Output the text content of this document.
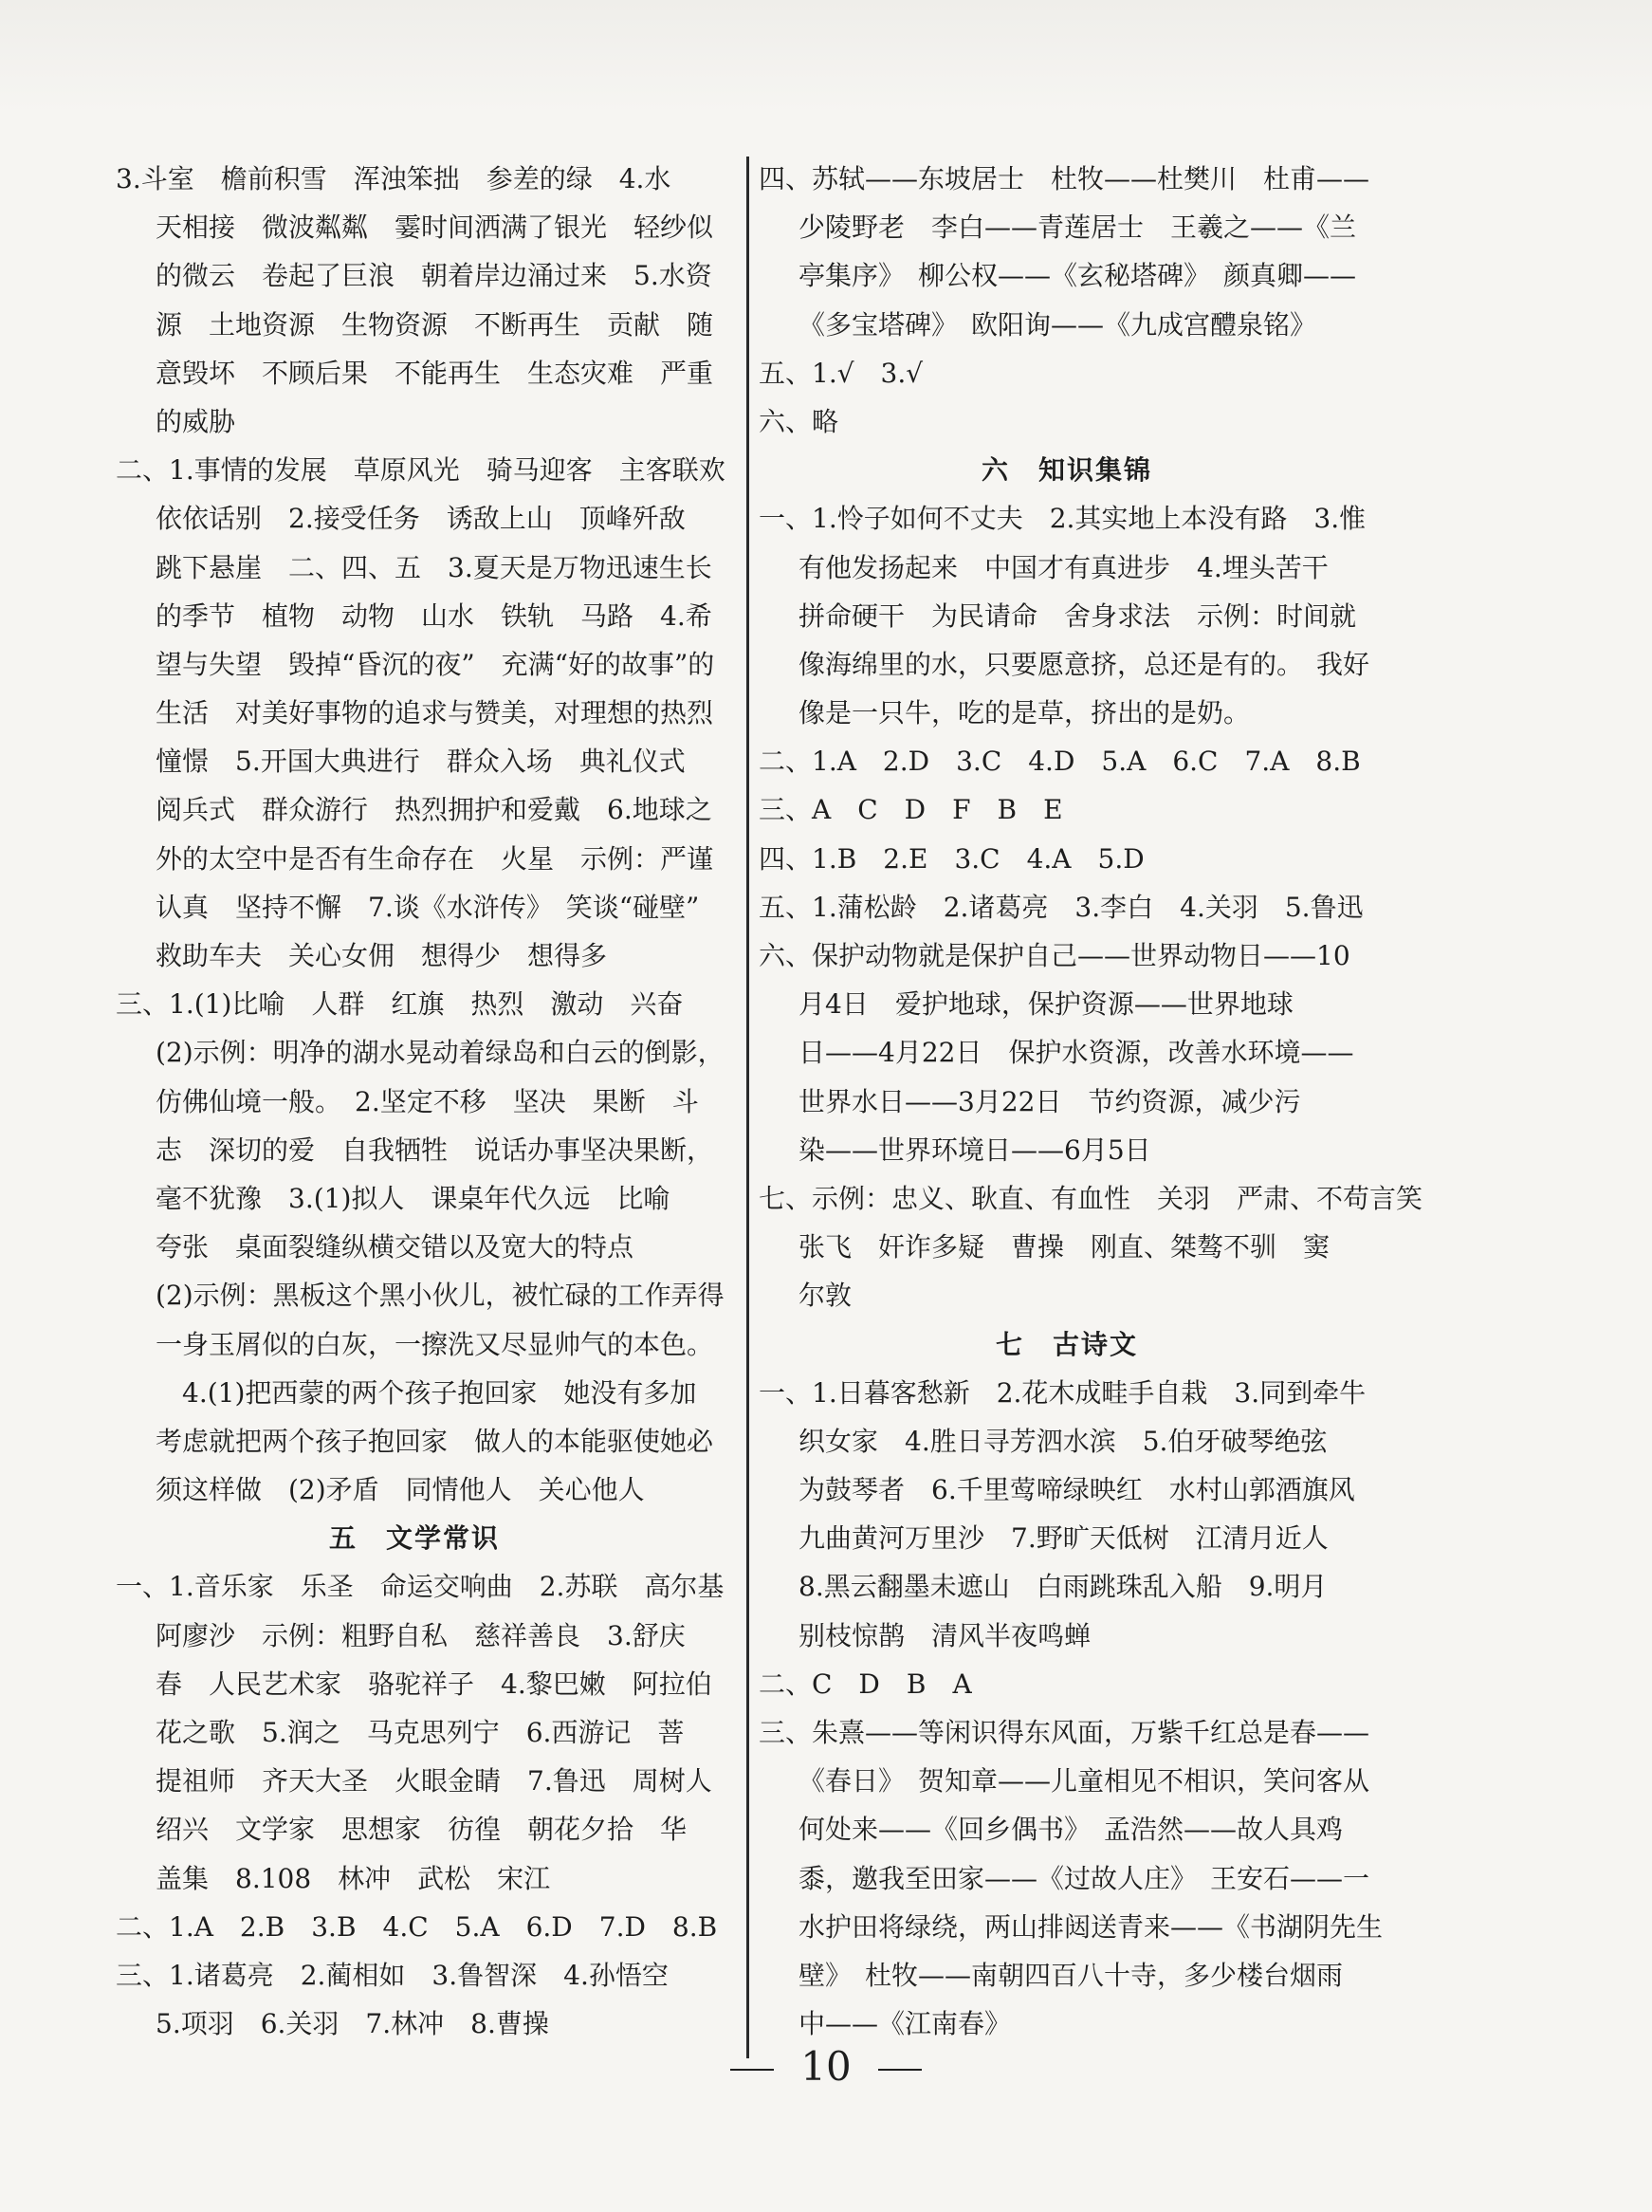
3.斗室　檐前积雪　浑浊笨拙　参差的绿　4.水
天相接　微波粼粼　霎时间洒满了银光　轻纱似
的微云　卷起了巨浪　朝着岸边涌过来　5.水资
源　土地资源　生物资源　不断再生　贡献　随
意毁坏　不顾后果　不能再生　生态灾难　严重
的威胁
二、1.事情的发展　草原风光　骑马迎客　主客联欢
依依话别　2.接受任务　诱敌上山　顶峰歼敌
跳下悬崖　二、四、五　3.夏天是万物迅速生长
的季节　植物　动物　山水　铁轨　马路　4.希
望与失望　毁掉“昏沉的夜”　充满“好的故事”的
生活　对美好事物的追求与赞美，对理想的热烈
憧憬　5.开国大典进行　群众入场　典礼仪式
阅兵式　群众游行　热烈拥护和爱戴　6.地球之
外的太空中是否有生命存在　火星　示例：严谨
认真　坚持不懈　7.谈《水浒传》　笑谈“碰壁”
救助车夫　关心女佣　想得少　想得多
三、1.(1)比喻　人群　红旗　热烈　激动　兴奋
(2)示例：明净的湖水晃动着绿岛和白云的倒影，
仿佛仙境一般。　2.坚定不移　坚决　果断　斗
志　深切的爱　自我牺牲　说话办事坚决果断，
毫不犹豫　3.(1)拟人　课桌年代久远　比喻
夸张　桌面裂缝纵横交错以及宽大的特点
(2)示例：黑板这个黑小伙儿，被忙碌的工作弄得
一身玉屑似的白灰，一擦洗又尽显帅气的本色。
　4.(1)把西蒙的两个孩子抱回家　她没有多加
考虑就把两个孩子抱回家　做人的本能驱使她必
须这样做　(2)矛盾　同情他人　关心他人
五　文学常识
一、1.音乐家　乐圣　命运交响曲　2.苏联　高尔基
阿廖沙　示例：粗野自私　慈祥善良　3.舒庆
春　人民艺术家　骆驼祥子　4.黎巴嫩　阿拉伯
花之歌　5.润之　马克思列宁　6.西游记　菩
提祖师　齐天大圣　火眼金睛　7.鲁迅　周树人
绍兴　文学家　思想家　彷徨　朝花夕拾　华
盖集　8.108　林冲　武松　宋江
二、1.A　2.B　3.B　4.C　5.A　6.D　7.D　8.B
三、1.诸葛亮　2.蔺相如　3.鲁智深　4.孙悟空
5.项羽　6.关羽　7.林冲　8.曹操
四、苏轼——东坡居士　杜牧——杜樊川　杜甫——
少陵野老　李白——青莲居士　王羲之——《兰
亭集序》　柳公权——《玄秘塔碑》　颜真卿——
《多宝塔碑》　欧阳询——《九成宫醴泉铭》
五、1.√　3.√
六、略
六　知识集锦
一、1.怜子如何不丈夫　2.其实地上本没有路　3.惟
有他发扬起来　中国才有真进步　4.埋头苦干
拼命硬干　为民请命　舍身求法　示例：时间就
像海绵里的水，只要愿意挤，总还是有的。　我好
像是一只牛，吃的是草，挤出的是奶。
二、1.A　2.D　3.C　4.D　5.A　6.C　7.A　8.B
三、A　C　D　F　B　E
四、1.B　2.E　3.C　4.A　5.D
五、1.蒲松龄　2.诸葛亮　3.李白　4.关羽　5.鲁迅
六、保护动物就是保护自己——世界动物日——10
月4日　爱护地球，保护资源——世界地球
日——4月22日　保护水资源，改善水环境——
世界水日——3月22日　节约资源，减少污
染——世界环境日——6月5日
七、示例：忠义、耿直、有血性　关羽　严肃、不苟言笑
张飞　奸诈多疑　曹操　刚直、桀骜不驯　窦
尔敦
七　古诗文
一、1.日暮客愁新　2.花木成畦手自栽　3.同到牵牛
织女家　4.胜日寻芳泗水滨　5.伯牙破琴绝弦
为鼓琴者　6.千里莺啼绿映红　水村山郭酒旗风
九曲黄河万里沙　7.野旷天低树　江清月近人
8.黑云翻墨未遮山　白雨跳珠乱入船　9.明月
别枝惊鹊　清风半夜鸣蝉
二、C　D　B　A
三、朱熹——等闲识得东风面，万紫千红总是春——
《春日》　贺知章——儿童相见不相识，笑问客从
何处来——《回乡偶书》　孟浩然——故人具鸡
黍，邀我至田家——《过故人庄》　王安石——一
水护田将绿绕，两山排闼送青来——《书湖阴先生
壁》　杜牧——南朝四百八十寺，多少楼台烟雨
中——《江南春》
10
